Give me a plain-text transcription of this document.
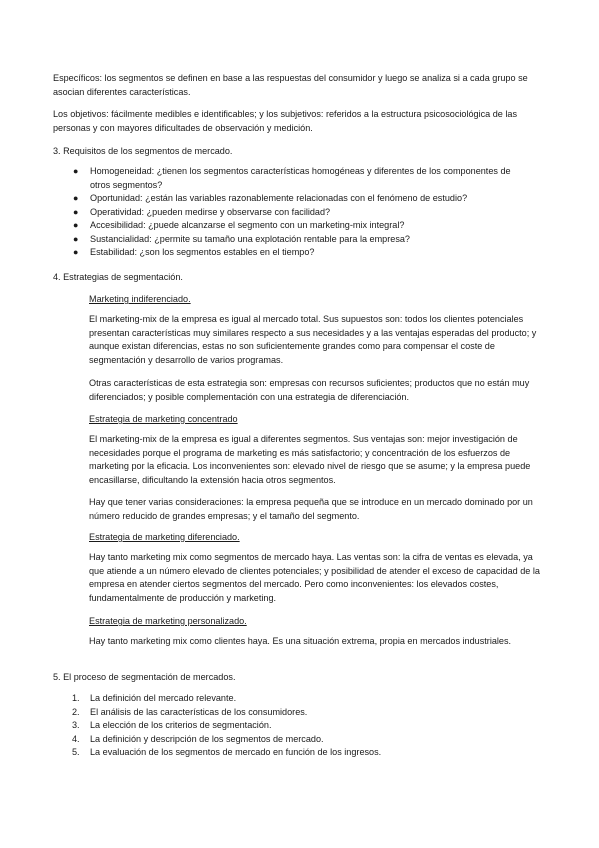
Específicos: los segmentos se definen en base a las respuestas del consumidor y luego se analiza si a cada grupo se asocian diferentes características.

Los objetivos: fácilmente medibles e identificables; y los subjetivos: referidos a la estructura psicosociológica de las personas y con mayores dificultades de observación y medición.

3. Requisitos de los segmentos de mercado.

● Homogeneidad: ¿tienen los segmentos características homogéneas y diferentes de los componentes de otros segmentos?
● Oportunidad: ¿están las variables razonablemente relacionadas con el fenómeno de estudio?
● Operatividad: ¿pueden medirse y observarse con facilidad?
● Accesibilidad: ¿puede alcanzarse el segmento con un marketing-mix integral?
● Sustancialidad: ¿permite su tamaño una explotación rentable para la empresa?
● Estabilidad: ¿son los segmentos estables en el tiempo?

4. Estrategias de segmentación.

Marketing indiferenciado.

El marketing-mix de la empresa es igual al mercado total. Sus supuestos son: todos los clientes potenciales presentan características muy similares respecto a sus necesidades y a las ventajas esperadas del producto; y aunque existan diferencias, estas no son suficientemente grandes como para compensar el coste de segmentación y desarrollo de varios programas.

Otras características de esta estrategia son: empresas con recursos suficientes; productos que no están muy diferenciados; y posible complementación con una estrategia de diferenciación.

Estrategia de marketing concentrado

El marketing-mix de la empresa es igual a diferentes segmentos. Sus ventajas son: mejor investigación de necesidades porque el programa de marketing es más satisfactorio; y concentración de los esfuerzos de marketing por la eficacia. Los inconvenientes son: elevado nivel de riesgo que se asume; y la empresa puede encasillarse, dificultando la extensión hacia otros segmentos.

Hay que tener varias consideraciones: la empresa pequeña que se introduce en un mercado dominado por un número reducido de grandes empresas; y el tamaño del segmento.

Estrategia de marketing diferenciado.

Hay tanto marketing mix como segmentos de mercado haya. Las ventas son: la cifra de ventas es elevada, ya que atiende a un número elevado de clientes potenciales; y posibilidad de atender el exceso de capacidad de la empresa en atender ciertos segmentos del mercado. Pero como inconvenientes: los elevados costes, fundamentalmente de producción y marketing.

Estrategia de marketing personalizado.

Hay tanto marketing mix como clientes haya. Es una situación extrema, propia en mercados industriales.

5. El proceso de segmentación de mercados.

1. La definición del mercado relevante.
2. El análisis de las características de los consumidores.
3. La elección de los criterios de segmentación.
4. La definición y descripción de los segmentos de mercado.
5. La evaluación de los segmentos de mercado en función de los ingresos.
